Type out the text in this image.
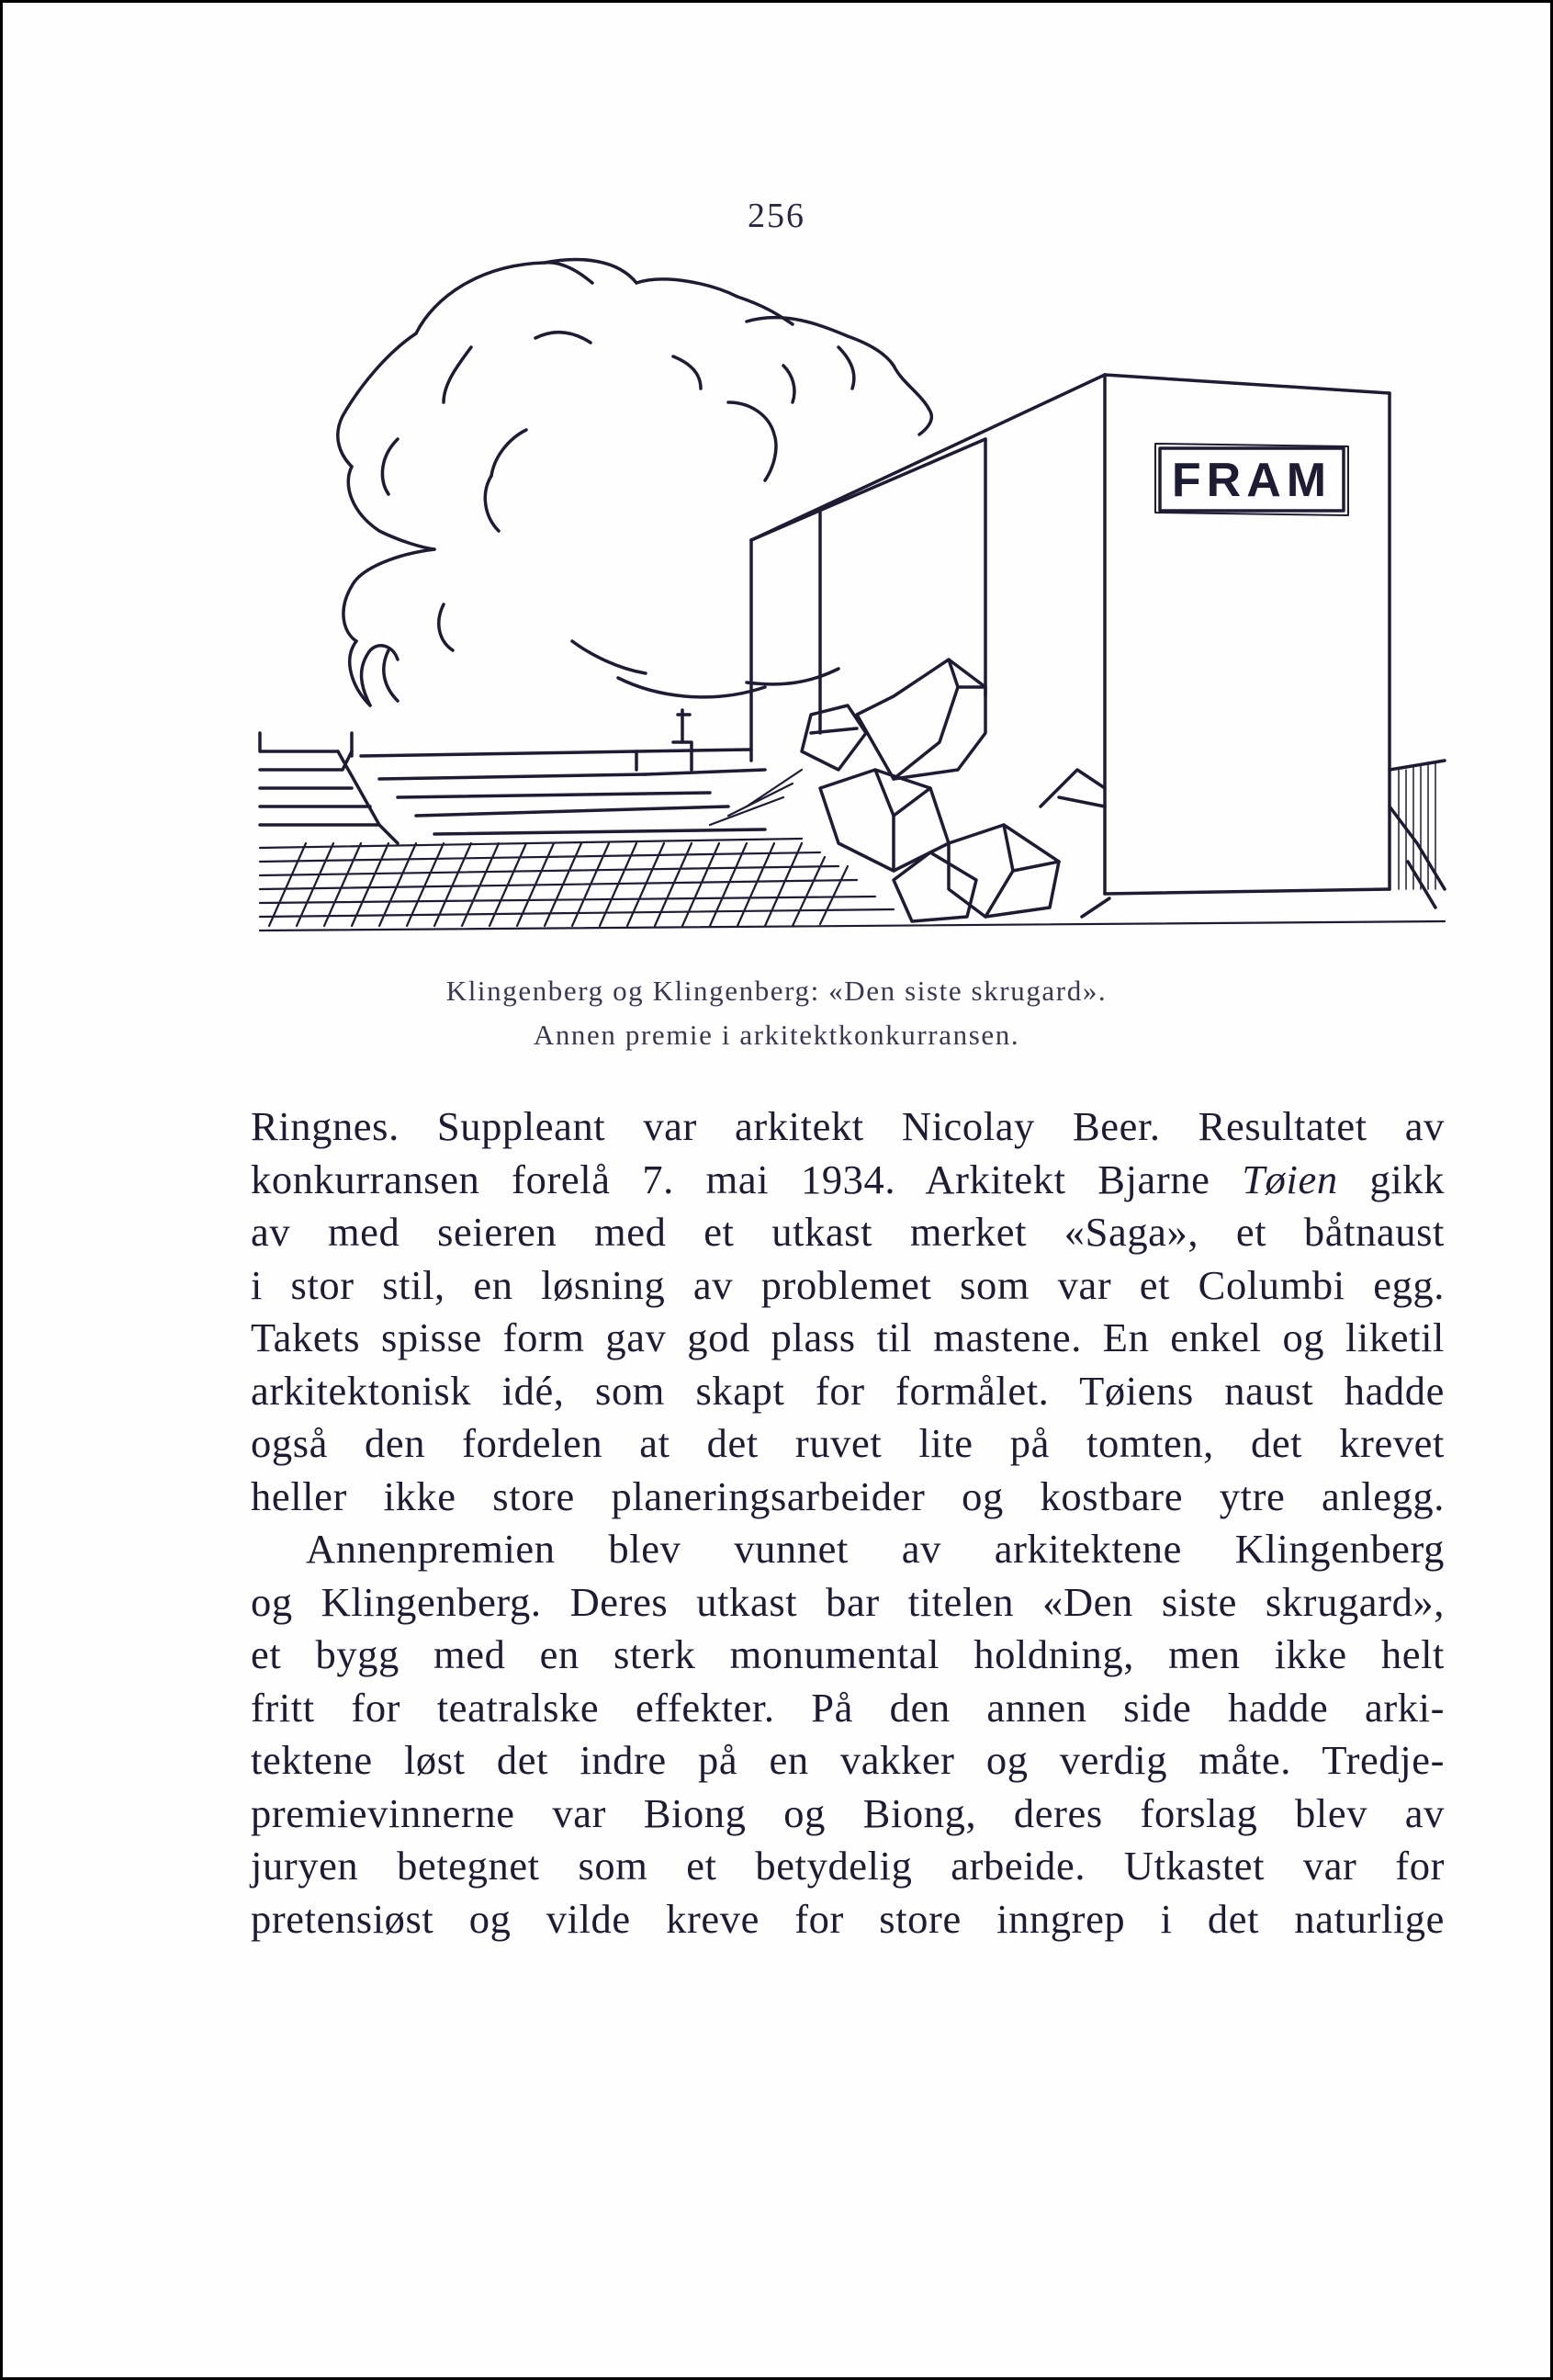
256
FRAM
Klingenberg og Klingenberg: «Den siste skrugard».
Annen premie i arkitektkonkurransen.
Ringnes. Suppleant var arkitekt Nicolay Beer. Resultatet av
konkurransen forelå 7. mai 1934. Arkitekt Bjarne Tøien gikk
av med seieren med et utkast merket «Saga», et båtnaust
i stor stil, en løsning av problemet som var et Columbi egg.
Takets spisse form gav god plass til mastene. En enkel og liketil
arkitektonisk idé, som skapt for formålet. Tøiens naust hadde
også den fordelen at det ruvet lite på tomten, det krevet
heller ikke store planeringsarbeider og kostbare ytre anlegg.
Annenpremien blev vunnet av arkitektene Klingenberg
og Klingenberg. Deres utkast bar titelen «Den siste skrugard»,
et bygg med en sterk monumental holdning, men ikke helt
fritt for teatralske effekter. På den annen side hadde arki-
tektene løst det indre på en vakker og verdig måte. Tredje-
premievinnerne var Biong og Biong, deres forslag blev av
juryen betegnet som et betydelig arbeide. Utkastet var for
pretensiøst og vilde kreve for store inngrep i det naturlige
